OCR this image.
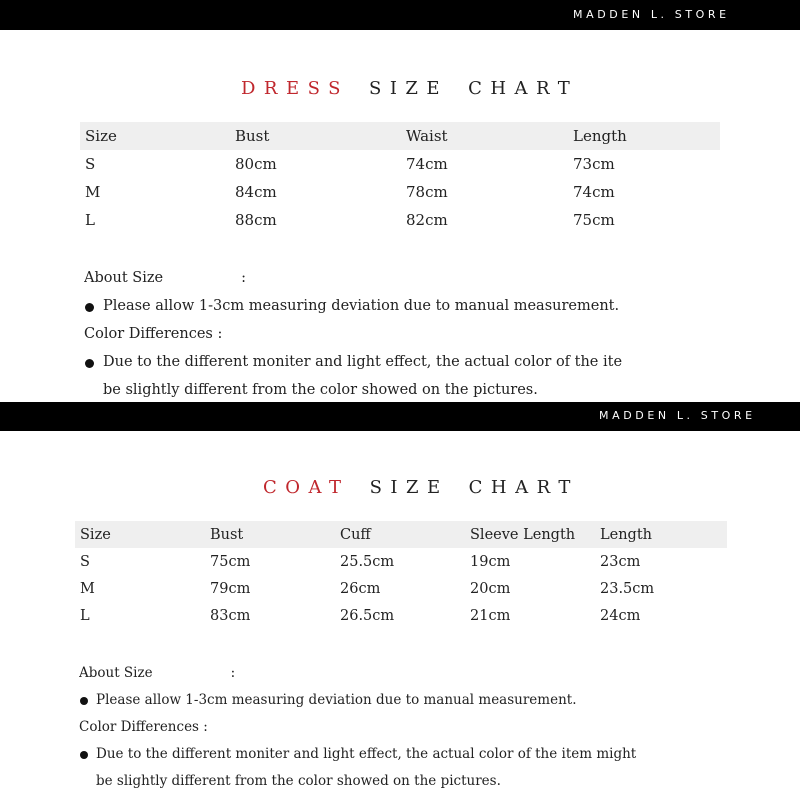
MADDEN L. STORE
DRESS SIZE CHART
Size	Bust	Waist	Length
S	80cm	74cm	73cm
M	84cm	78cm	74cm
L	88cm	82cm	75cm
About Size	:
Please allow 1-3cm measuring deviation due to manual measurement.
Color Differences :
Due to the different moniter and light effect, the actual color of the ite
be slightly different from the color showed on the pictures.
MADDEN L. STORE
COAT SIZE CHART
Size	Bust	Cuff	Sleeve Length	Length
S	75cm	25.5cm	19cm	23cm
M	79cm	26cm	20cm	23.5cm
L	83cm	26.5cm	21cm	24cm
About Size	:
Please allow 1-3cm measuring deviation due to manual measurement.
Color Differences :
Due to the different moniter and light effect, the actual color of the item might
be slightly different from the color showed on the pictures.
